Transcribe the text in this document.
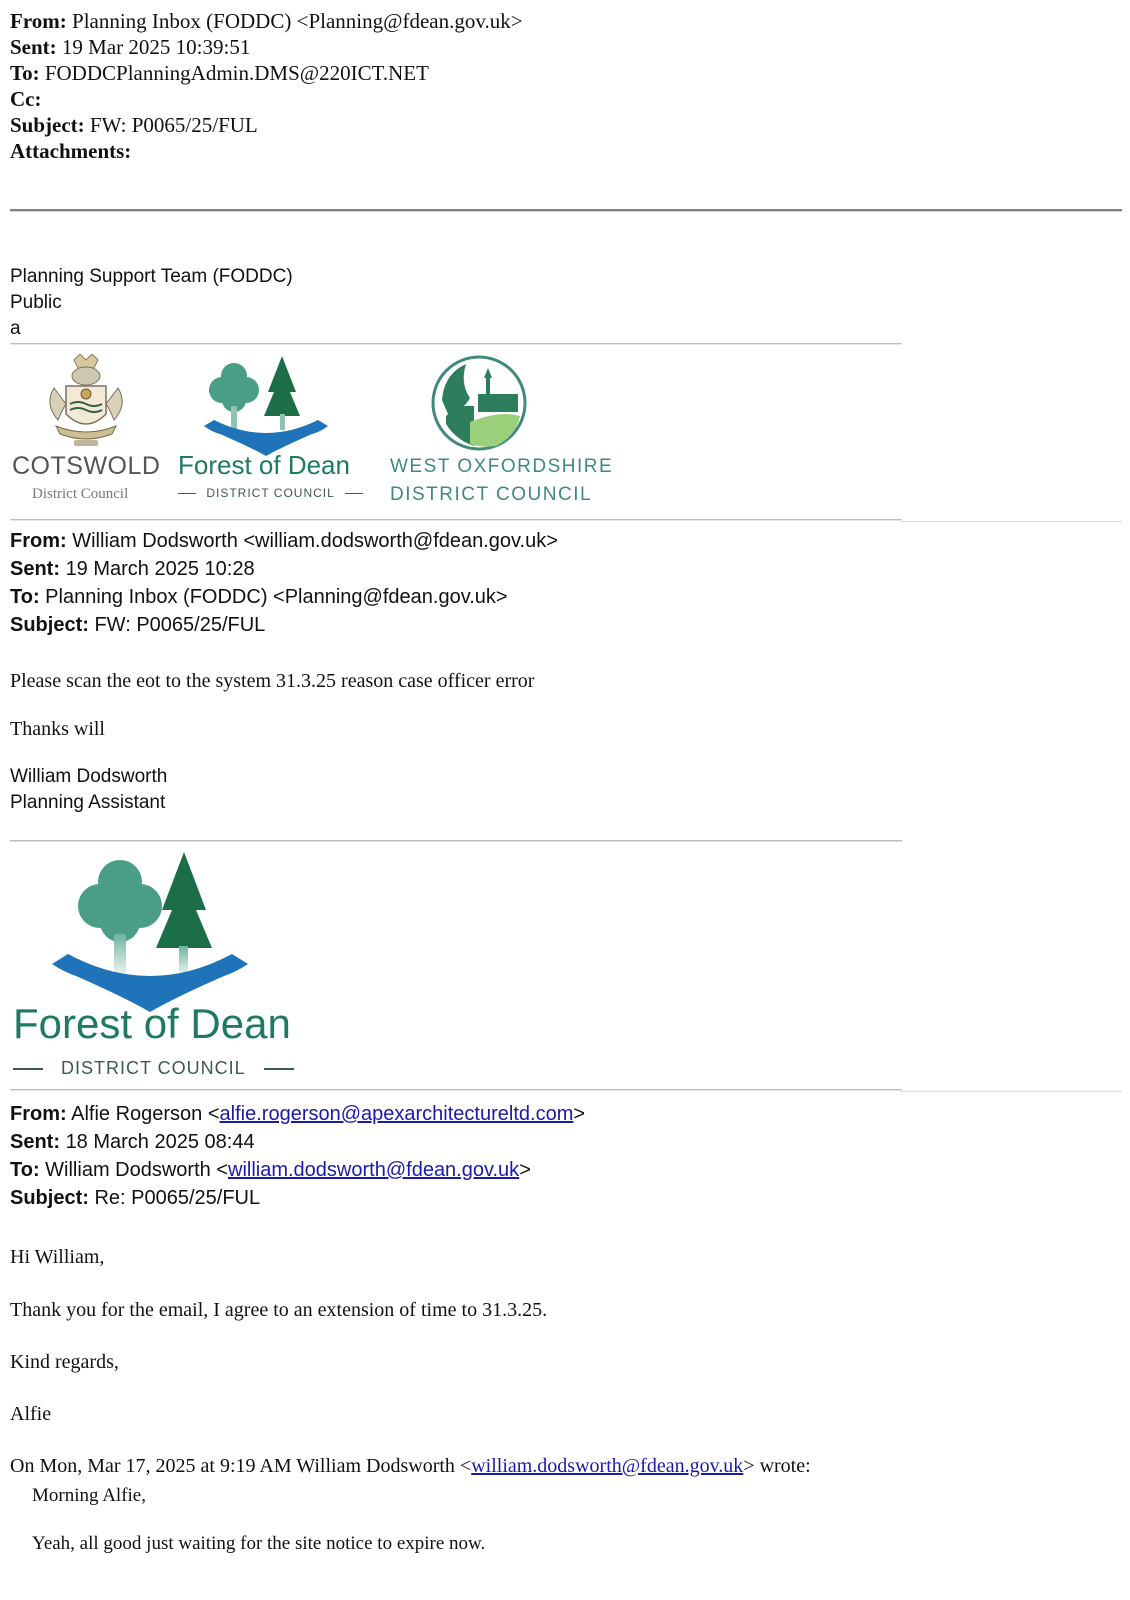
From: Planning Inbox (FODDC) <Planning@fdean.gov.uk>
Sent: 19 Mar 2025 10:39:51
To: FODDCPlanningAdmin.DMS@220ICT.NET
Cc:
Subject: FW: P0065/25/FUL
Attachments:
Planning Support Team (FODDC)
Public
a
COTSWOLD
District Council
Forest of Dean
DISTRICT COUNCIL
WEST OXFORDSHIRE
DISTRICT COUNCIL
From: William Dodsworth <william.dodsworth@fdean.gov.uk>
Sent: 19 March 2025 10:28
To: Planning Inbox (FODDC) <Planning@fdean.gov.uk>
Subject: FW: P0065/25/FUL
Please scan the eot to the system 31.3.25 reason case officer error
Thanks will
William Dodsworth
Planning Assistant
Forest of Dean
DISTRICT COUNCIL
From: Alfie Rogerson <alfie.rogerson@apexarchitectureltd.com>
Sent: 18 March 2025 08:44
To: William Dodsworth <william.dodsworth@fdean.gov.uk>
Subject: Re: P0065/25/FUL
Hi William,
Thank you for the email, I agree to an extension of time to 31.3.25.
Kind regards,
Alfie
On Mon, Mar 17, 2025 at 9:19 AM William Dodsworth <william.dodsworth@fdean.gov.uk> wrote:
Morning Alfie,
Yeah, all good just waiting for the site notice to expire now.
